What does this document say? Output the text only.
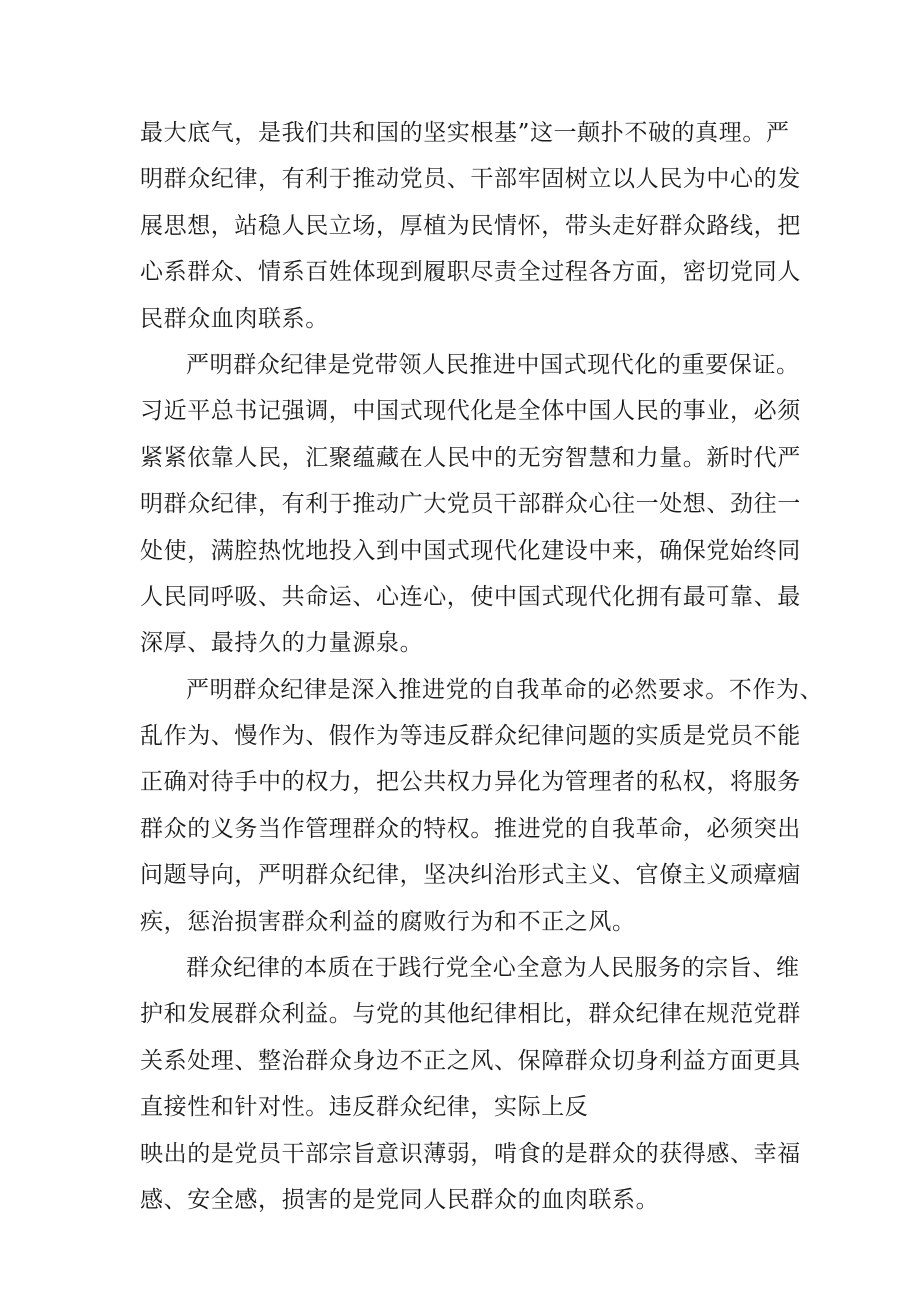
最大底气，是我们共和国的坚实根基”这一颠扑不破的真理。严
明群众纪律，有利于推动党员、干部牢固树立以人民为中心的发
展思想，站稳人民立场，厚植为民情怀，带头走好群众路线，把
心系群众、情系百姓体现到履职尽责全过程各方面，密切党同人
民群众血肉联系。
严明群众纪律是党带领人民推进中国式现代化的重要保证。
习近平总书记强调，中国式现代化是全体中国人民的事业，必须
紧紧依靠人民，汇聚蕴藏在人民中的无穷智慧和力量。新时代严
明群众纪律，有利于推动广大党员干部群众心往一处想、劲往一
处使，满腔热忱地投入到中国式现代化建设中来，确保党始终同
人民同呼吸、共命运、心连心，使中国式现代化拥有最可靠、最
深厚、最持久的力量源泉。
严明群众纪律是深入推进党的自我革命的必然要求。不作为、
乱作为、慢作为、假作为等违反群众纪律问题的实质是党员不能
正确对待手中的权力，把公共权力异化为管理者的私权，将服务
群众的义务当作管理群众的特权。推进党的自我革命，必须突出
问题导向，严明群众纪律，坚决纠治形式主义、官僚主义顽瘴痼
疾，惩治损害群众利益的腐败行为和不正之风。
群众纪律的本质在于践行党全心全意为人民服务的宗旨、维
护和发展群众利益。与党的其他纪律相比，群众纪律在规范党群
关系处理、整治群众身边不正之风、保障群众切身利益方面更具
直接性和针对性。违反群众纪律，实际上反
映出的是党员干部宗旨意识薄弱，啃食的是群众的获得感、幸福
感、安全感，损害的是党同人民群众的血肉联系。
